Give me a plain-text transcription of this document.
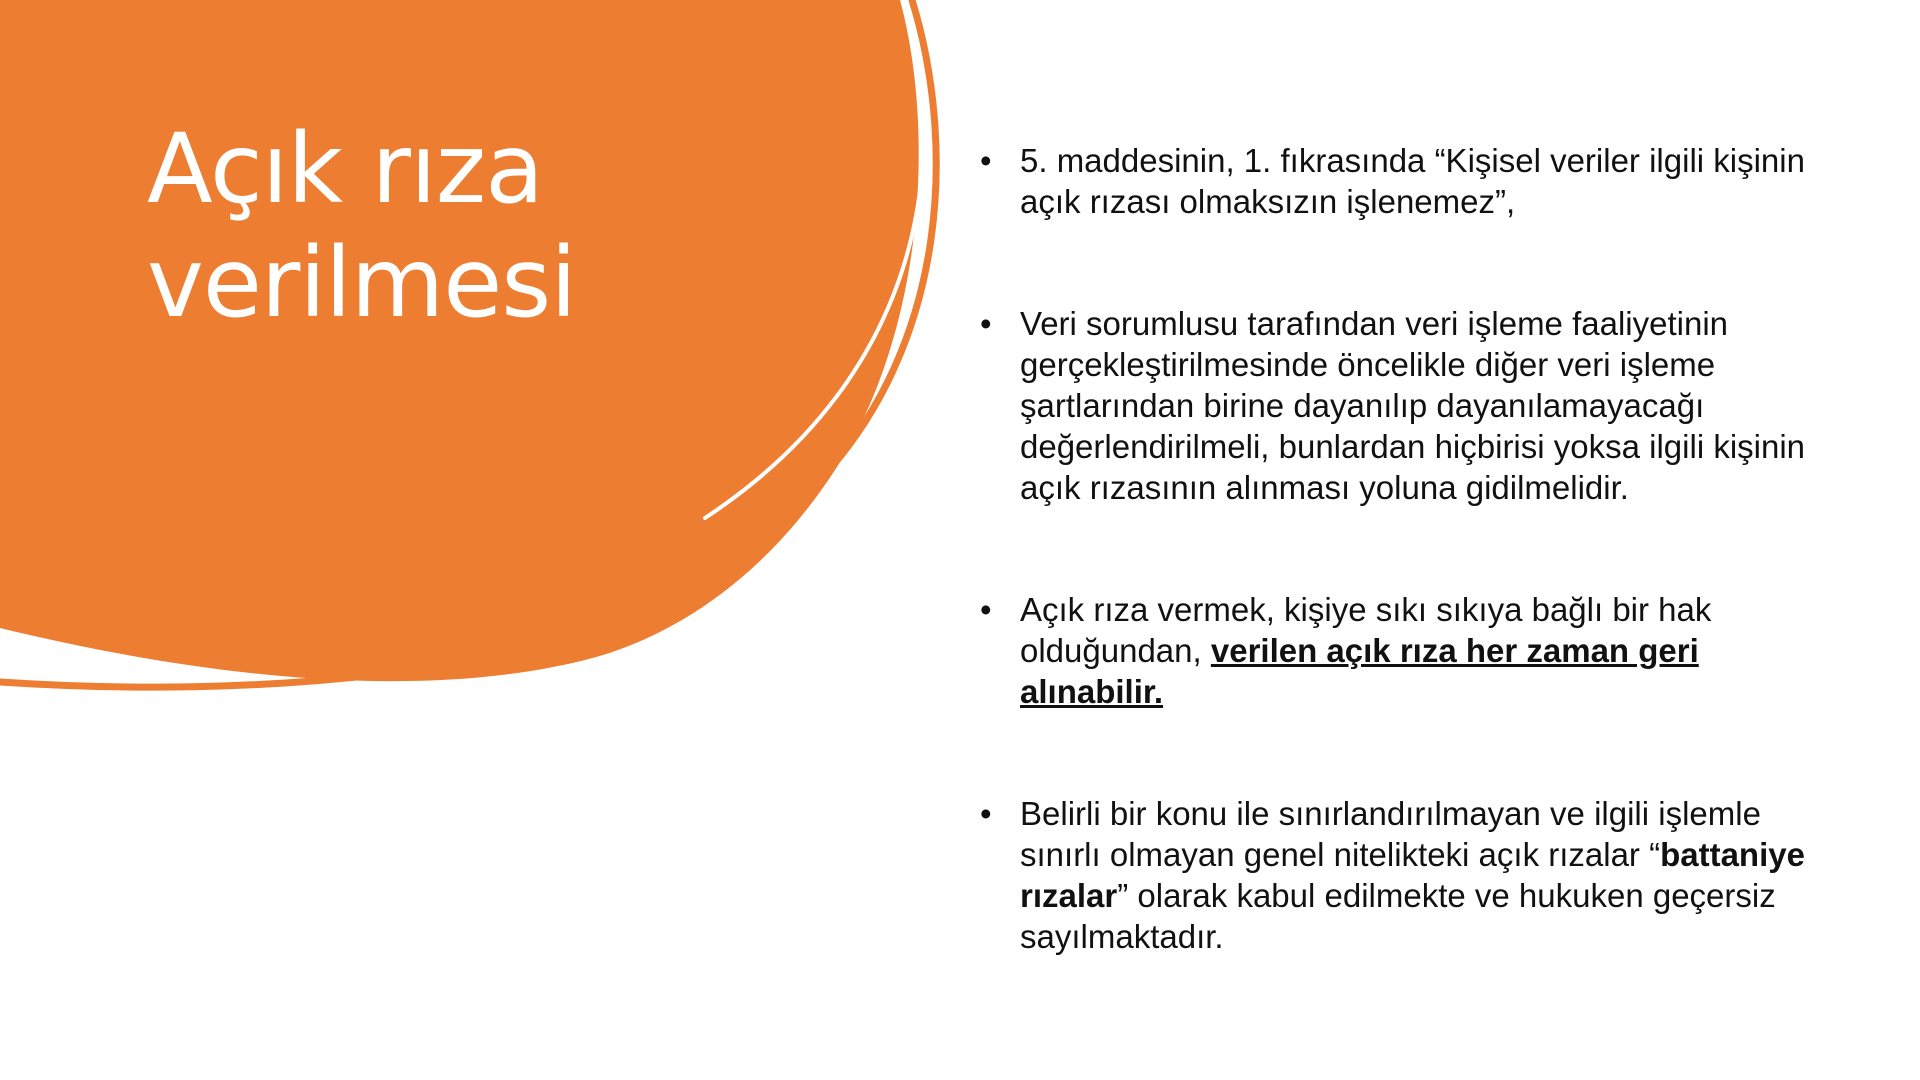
Açık rıza
verilmesi
• 5. maddesinin, 1. fıkrasında “Kişisel veriler ilgili kişinin açık rızası olmaksızın işlenemez”,
• Veri sorumlusu tarafından veri işleme faaliyetinin gerçekleştirilmesinde öncelikle diğer veri işleme şartlarından birine dayanılıp dayanılamayacağı değerlendirilmeli, bunlardan hiçbirisi yoksa ilgili kişinin açık rızasının alınması yoluna gidilmelidir.
• Açık rıza vermek, kişiye sıkı sıkıya bağlı bir hak olduğundan, verilen açık rıza her zaman geri alınabilir.
• Belirli bir konu ile sınırlandırılmayan ve ilgili işlemle sınırlı olmayan genel nitelikteki açık rızalar “battaniye rızalar” olarak kabul edilmekte ve hukuken geçersiz sayılmaktadır.
